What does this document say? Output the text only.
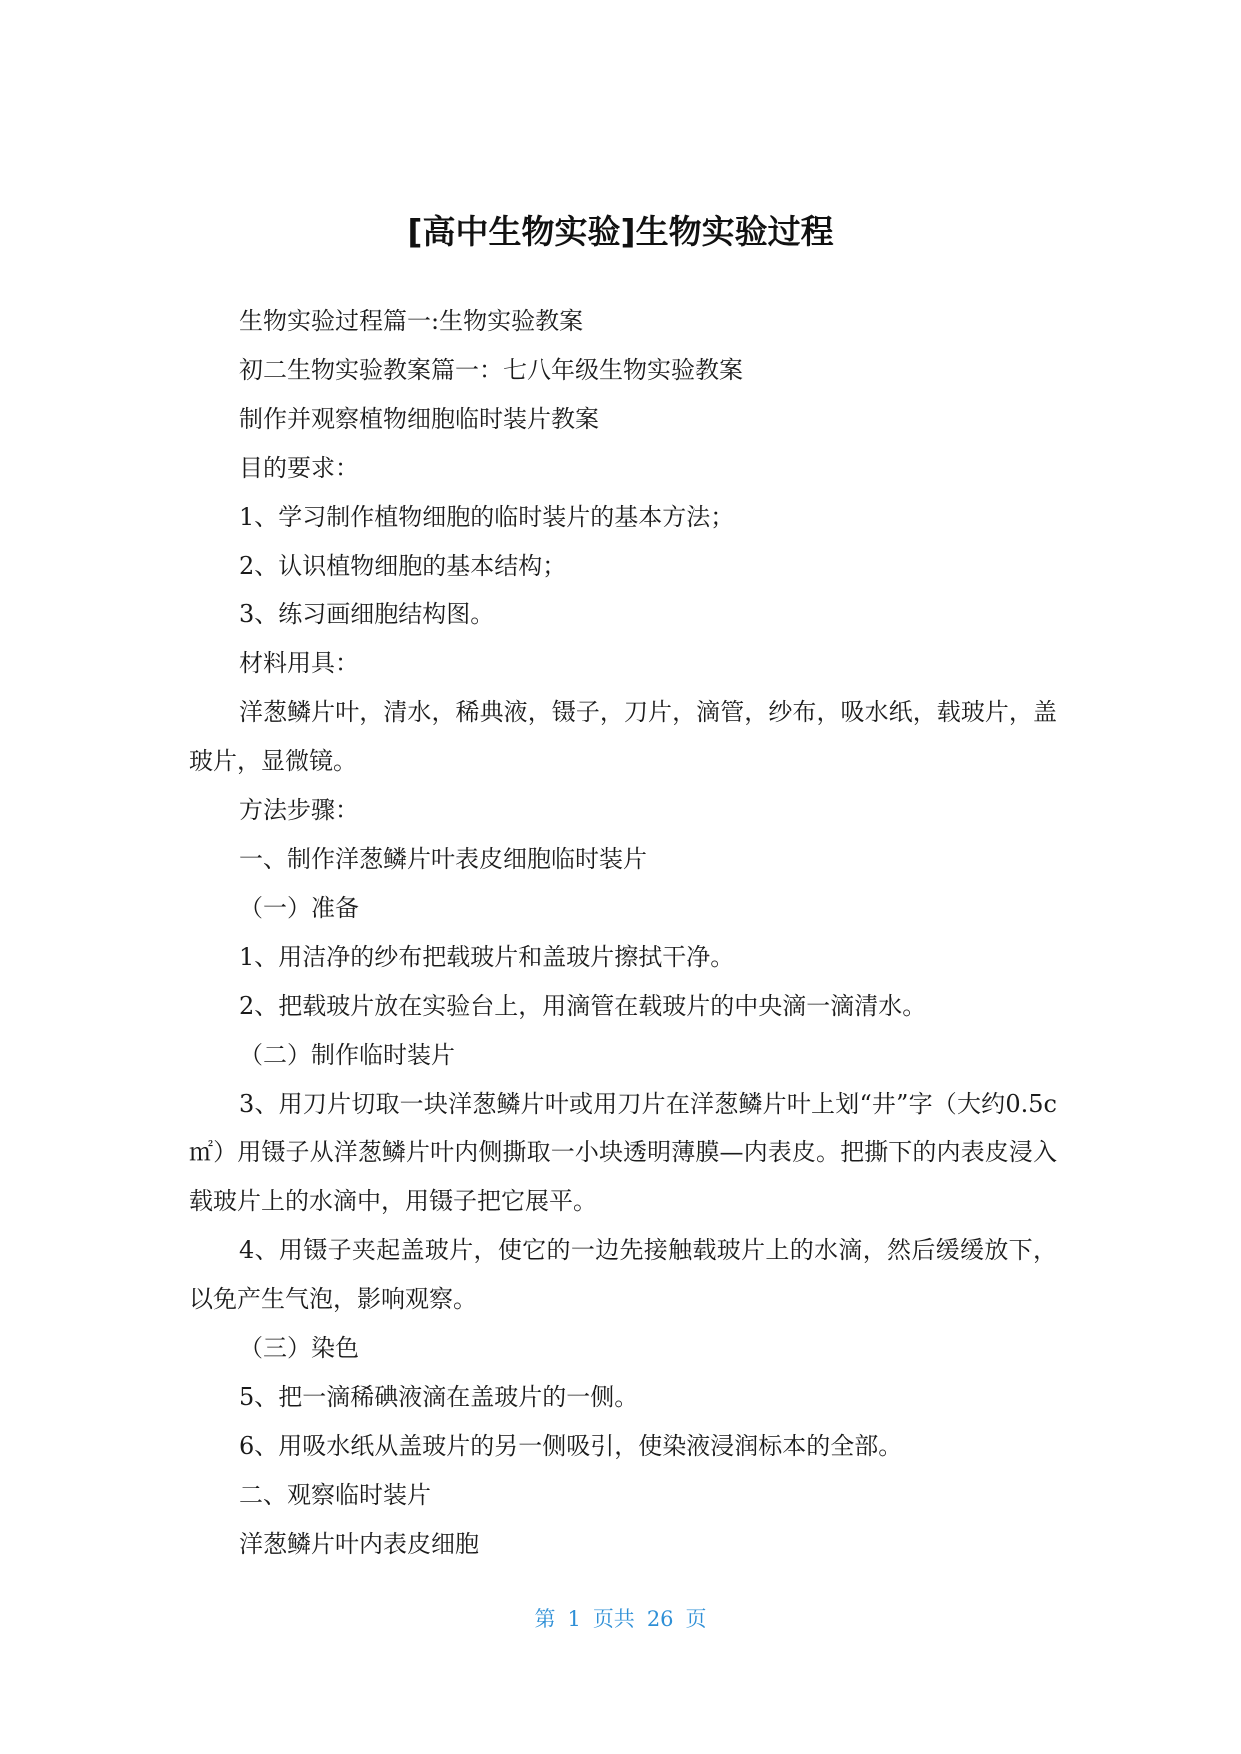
[高中生物实验]生物实验过程

生物实验过程篇一:生物实验教案

初二生物实验教案篇一：七八年级生物实验教案

制作并观察植物细胞临时装片教案

目的要求：

1、学习制作植物细胞的临时装片的基本方法；

2、认识植物细胞的基本结构；

3、练习画细胞结构图。

材料用具：

洋葱鳞片叶，清水，稀典液，镊子，刀片，滴管，纱布，吸水纸，载玻片，盖玻片，显微镜。

方法步骤：

一、制作洋葱鳞片叶表皮细胞临时装片

（一）准备

1、用洁净的纱布把载玻片和盖玻片擦拭干净。

2、把载玻片放在实验台上，用滴管在载玻片的中央滴一滴清水。

（二）制作临时装片

3、用刀片切取一块洋葱鳞片叶或用刀片在洋葱鳞片叶上划“井”字（大约0.5c㎡）用镊子从洋葱鳞片叶内侧撕取一小块透明薄膜—内表皮。把撕下的内表皮浸入载玻片上的水滴中，用镊子把它展平。

4、用镊子夹起盖玻片，使它的一边先接触载玻片上的水滴，然后缓缓放下，以免产生气泡，影响观察。

（三）染色

5、把一滴稀碘液滴在盖玻片的一侧。

6、用吸水纸从盖玻片的另一侧吸引，使染液浸润标本的全部。

二、观察临时装片

洋葱鳞片叶内表皮细胞

第 1 页共 26 页
